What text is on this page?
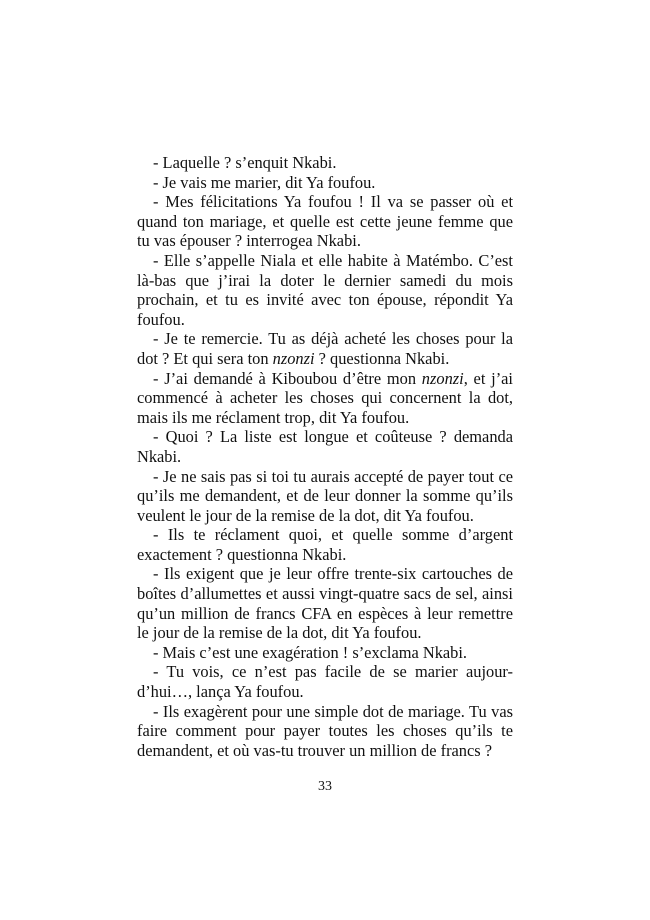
- Laquelle ? s’enquit Nkabi.

- Je vais me marier, dit Ya foufou.

- Mes félicitations Ya foufou ! Il va se passer où et quand ton mariage, et quelle est cette jeune femme que tu vas épouser ? interrogea Nkabi.

- Elle s’appelle Niala et elle habite à Matémbo. C’est là-bas que j’irai la doter le dernier samedi du mois prochain, et tu es invité avec ton épouse, répondit Ya foufou.

- Je te remercie. Tu as déjà acheté les choses pour la dot ? Et qui sera ton nzonzi ? questionna Nkabi.

- J’ai demandé à Kiboubou d’être mon nzonzi, et j’ai commencé à acheter les choses qui concernent la dot, mais ils me réclament trop, dit Ya foufou.

- Quoi ? La liste est longue et coûteuse ? demanda Nkabi.

- Je ne sais pas si toi tu aurais accepté de payer tout ce qu’ils me demandent, et de leur donner la somme qu’ils veulent le jour de la remise de la dot, dit Ya foufou.

- Ils te réclament quoi, et quelle somme d’argent exactement ? questionna Nkabi.

- Ils exigent que je leur offre trente-six cartouches de boîtes d’allumettes et aussi vingt-quatre sacs de sel, ainsi qu’un million de francs CFA en espèces à leur remettre le jour de la remise de la dot, dit Ya foufou.

- Mais c’est une exagération ! s’exclama Nkabi.

- Tu vois, ce n’est pas facile de se marier aujour-d’hui…, lança Ya foufou.

- Ils exagèrent pour une simple dot de mariage. Tu vas faire comment pour payer toutes les choses qu’ils te demandent, et où vas-tu trouver un million de francs ?

33
